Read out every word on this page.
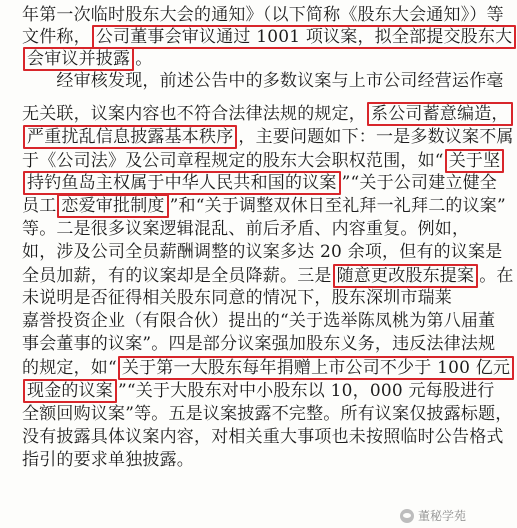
年第一次临时股东大会的通知》（以下简称《股东大会通知》）等
文件称， 公司董事会审议通过 1001 项议案，拟全部提交股东大
会审议并披露 。
　　经审核发现，前述公告中的多数议案与上市公司经营运作毫
无关联，议案内容也不符合法律法规的规定， 系公司蓄意编造，
严重扰乱信息披露基本秩序 ，主要问题如下：一是多数议案不属
于《公司法》及公司章程规定的股东大会职权范围，如“ 关于坚
持钓鱼岛主权属于中华人民共和国的议案 ”“关于公司建立健全
员工 恋爱审批制度 ”和“关于调整双休日至礼拜一礼拜二的议案”
等。二是很多议案逻辑混乱、前后矛盾、内容重复。例如，
如，涉及公司全员薪酬调整的议案多达 20 余项，但有的议案是
全员加薪，有的议案却是全员降薪。三是 随意更改股东提案 。在
未说明是否征得相关股东同意的情况下，股东深圳市瑞莱
嘉誉投资企业（有限合伙）提出的“关于选举陈凤桃为第八届董
事会董事的议案”。四是部分议案强加股东义务，违反法律法规
的规定，如“ 关于第一大股东每年捐赠上市公司不少于 100 亿元
现金的议案 ”“关于大股东对中小股东以 10，000 元每股进行
全额回购议案”等。五是议案披露不完整。所有议案仅披露标题，
没有披露具体议案内容，对相关重大事项也未按照临时公告格式
指引的要求单独披露。
董秘学苑
